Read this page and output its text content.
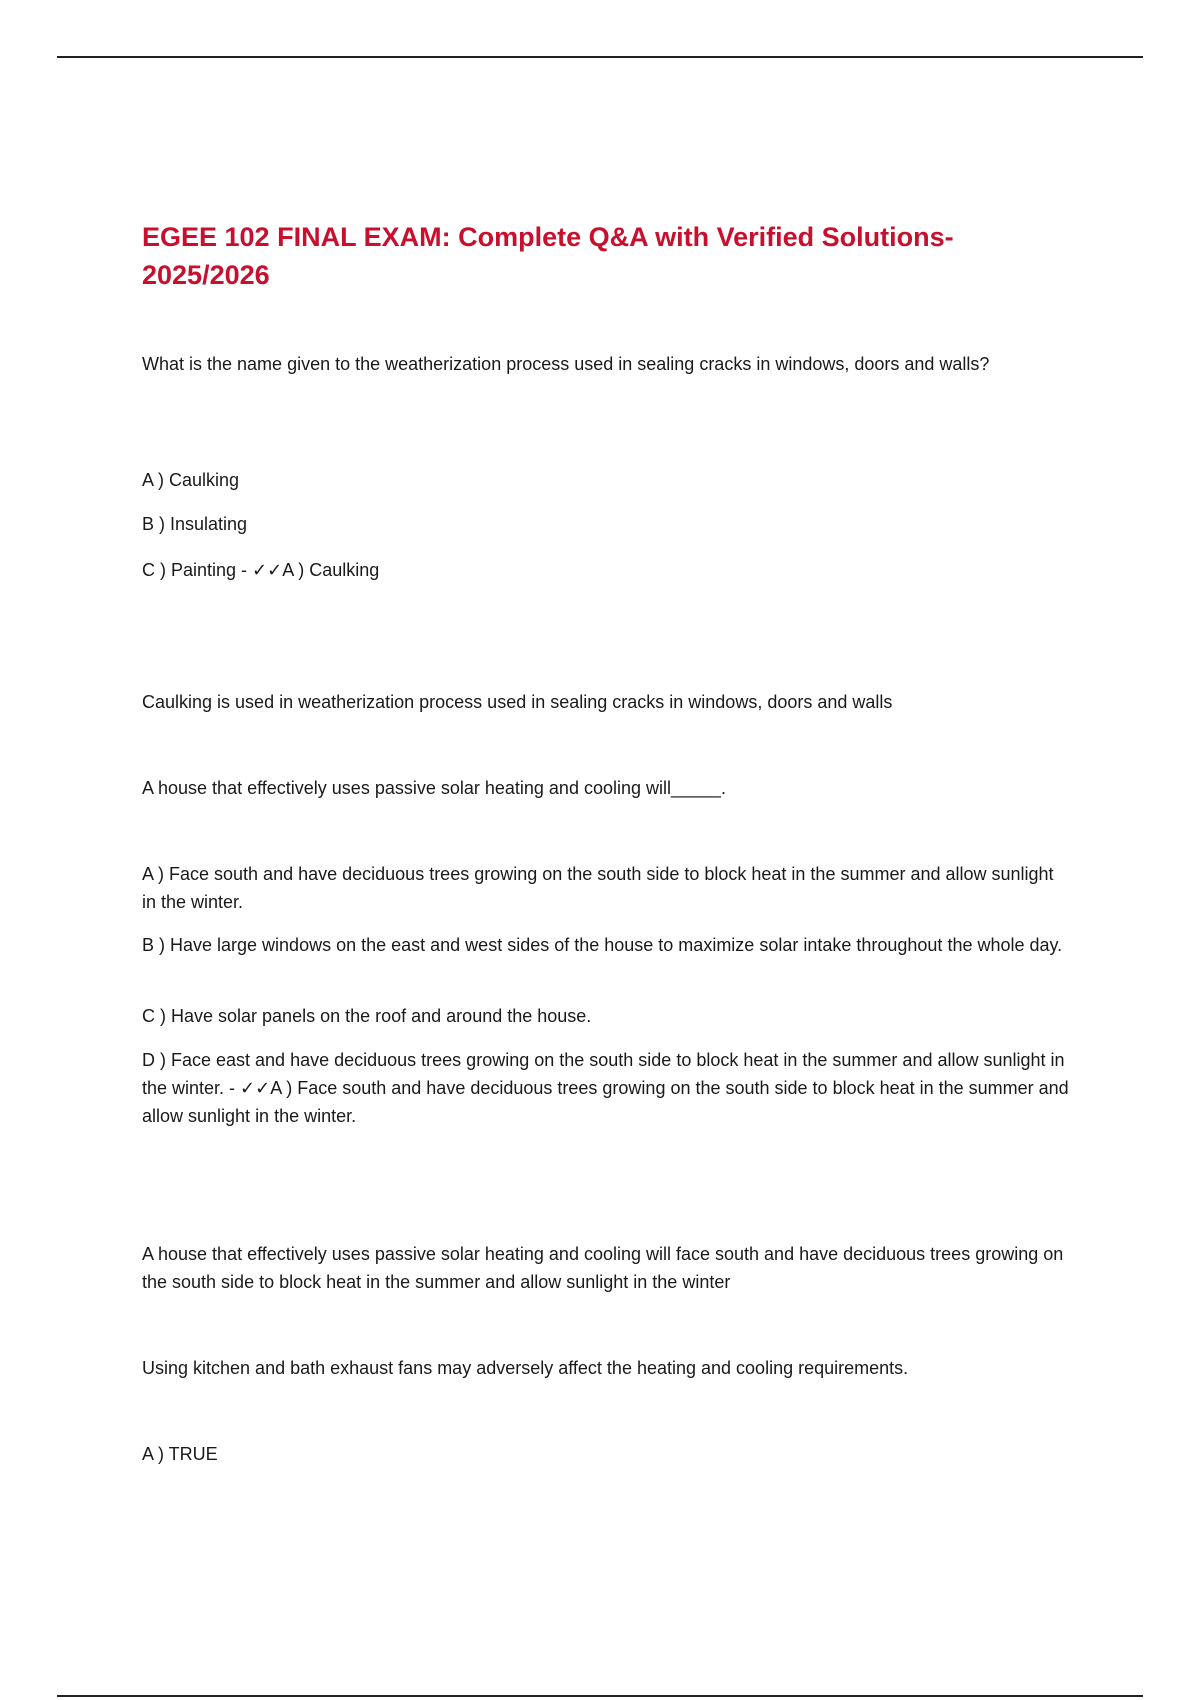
EGEE 102 FINAL EXAM: Complete Q&A with Verified Solutions- 2025/2026

What is the name given to the weatherization process used in sealing cracks in windows, doors and walls?

A ) Caulking

B ) Insulating

C ) Painting - ✓✓A ) Caulking

Caulking is used in weatherization process used in sealing cracks in windows, doors and walls

A house that effectively uses passive solar heating and cooling will_____.

A ) Face south and have deciduous trees growing on the south side to block heat in the summer and allow sunlight in the winter.

B ) Have large windows on the east and west sides of the house to maximize solar intake throughout the whole day.

C ) Have solar panels on the roof and around the house.

D ) Face east and have deciduous trees growing on the south side to block heat in the summer and allow sunlight in the winter. - ✓✓A ) Face south and have deciduous trees growing on the south side to block heat in the summer and allow sunlight in the winter.

A house that effectively uses passive solar heating and cooling will face south and have deciduous trees growing on the south side to block heat in the summer and allow sunlight in the winter

Using kitchen and bath exhaust fans may adversely affect the heating and cooling requirements.

A ) TRUE
